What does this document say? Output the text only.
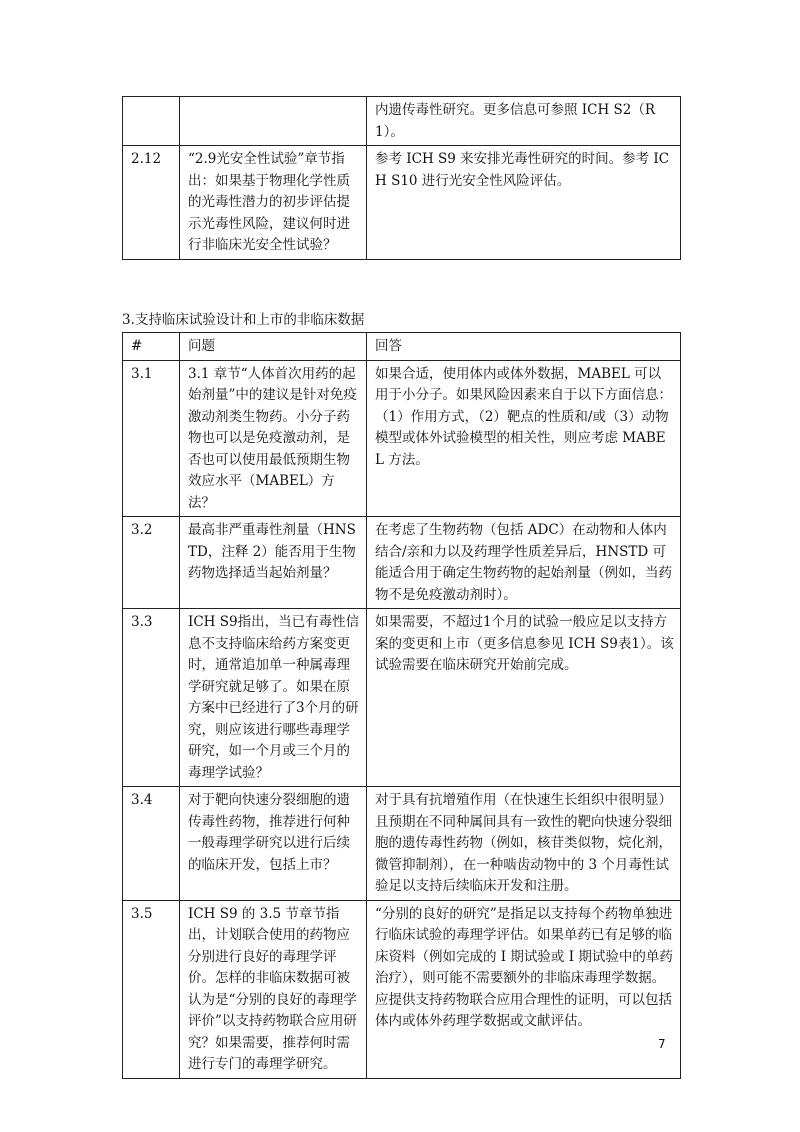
		内遗传毒性研究。更多信息可参照 ICH S2（R1）。

2.12	“2.9光安全性试验”章节指出：如果基于物理化学性质的光毒性潜力的初步评估提示光毒性风险，建议何时进行非临床光安全性试验？	参考 ICH S9 来安排光毒性研究的时间。参考 ICH S10 进行光安全性风险评估。
3.支持临床试验设计和上市的非临床数据
#	问题	回答

3.1	3.1 章节“人体首次用药的起始剂量”中的建议是针对免疫激动剂类生物药。小分子药物也可以是免疫激动剂，是否也可以使用最低预期生物效应水平（MABEL）方法？	如果合适，使用体内或体外数据，MABEL 可以用于小分子。如果风险因素来自于以下方面信息：（1）作用方式，（2）靶点的性质和/或（3）动物模型或体外试验模型的相关性，则应考虑 MABEL 方法。

3.2	最高非严重毒性剂量（HNSTD，注释 2）能否用于生物药物选择适当起始剂量？	在考虑了生物药物（包括 ADC）在动物和人体内结合/亲和力以及药理学性质差异后，HNSTD 可能适合用于确定生物药物的起始剂量（例如，当药物不是免疫激动剂时）。

3.3	ICH S9指出，当已有毒性信息不支持临床给药方案变更时，通常追加单一种属毒理学研究就足够了。如果在原方案中已经进行了3个月的研究，则应该进行哪些毒理学研究，如一个月或三个月的毒理学试验？	如果需要，不超过1个月的试验一般应足以支持方案的变更和上市（更多信息参见 ICH S9表1）。该试验需要在临床研究开始前完成。

3.4	对于靶向快速分裂细胞的遗传毒性药物，推荐进行何种一般毒理学研究以进行后续的临床开发，包括上市？	对于具有抗增殖作用（在快速生长组织中很明显）且预期在不同种属间具有一致性的靶向快速分裂细胞的遗传毒性药物（例如，核苷类似物，烷化剂，微管抑制剂），在一种啮齿动物中的 3 个月毒性试验足以支持后续临床开发和注册。

3.5	ICH S9 的 3.5 节章节指出，计划联合使用的药物应分别进行良好的毒理学评价。怎样的非临床数据可被认为是“分别的良好的毒理学评价”以支持药物联合应用研究？如果需要，推荐何时需进行专门的毒理学研究。	“分别的良好的研究”是指足以支持每个药物单独进行临床试验的毒理学评估。如果单药已有足够的临床资料（例如完成的 I 期试验或 I 期试验中的单药治疗），则可能不需要额外的非临床毒理学数据。应提供支持药物联合应用合理性的证明，可以包括体内或体外药理学数据或文献评估。
7
